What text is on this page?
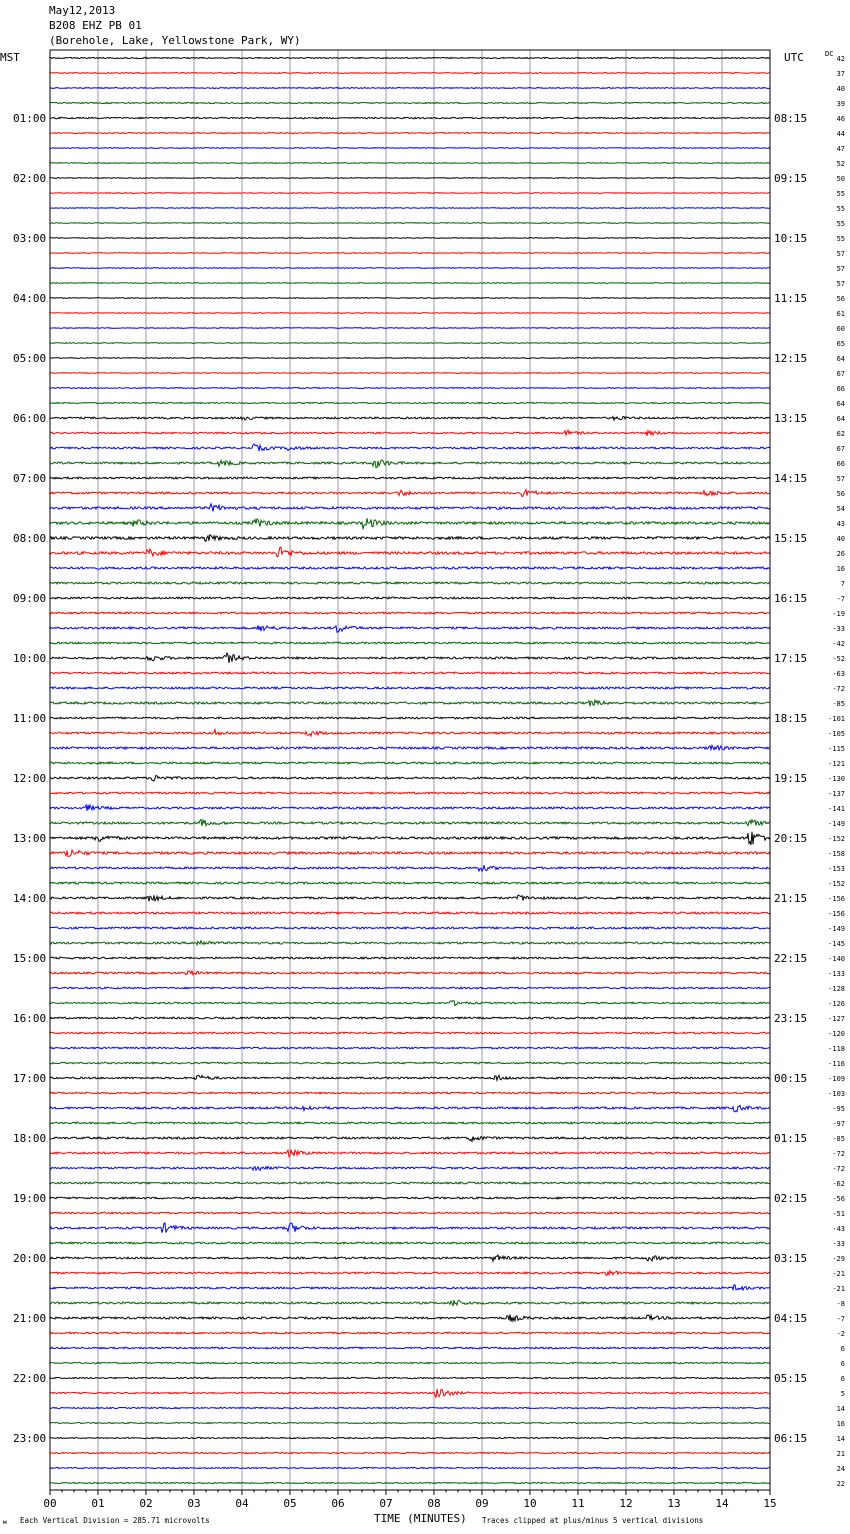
May12,2013
B208 EHZ PB 01
(Borehole, Lake, Yellowstone Park, WY)
01:00
02:00
03:00
04:00
05:00
06:00
07:00
08:00
09:00
10:00
11:00
12:00
13:00
14:00
15:00
16:00
17:00
18:00
19:00
20:00
21:00
22:00
23:00
08:15
09:15
10:15
11:15
12:15
13:15
14:15
15:15
16:15
17:15
18:15
19:15
20:15
21:15
22:15
23:15
00:15
01:15
02:15
03:15
04:15
05:15
06:15
42
37
40
39
46
44
47
52
50
55
55
55
55
57
57
57
56
61
60
65
64
67
66
64
64
62
67
66
57
56
54
43
40
26
16
7
-7
-19
-33
-42
-52
-63
-72
-85
-101
-105
-115
-121
-130
-137
-141
-149
-152
-158
-153
-152
-156
-156
-149
-145
-140
-133
-128
-126
-127
-120
-118
-116
-109
-103
-95
-97
-85
-72
-72
-62
-56
-51
-43
-33
-29
-21
-21
-8
-7
-2
6
6
6
5
14
16
14
21
24
22
00	01	02	03	04	05	06	07	08	09	10	11	12	13	14	15
MST	UTC	DC
TIME (MINUTES)
Each Vertical Division = 285.71 microvolts	Traces clipped at plus/minus 5 vertical divisions
м
